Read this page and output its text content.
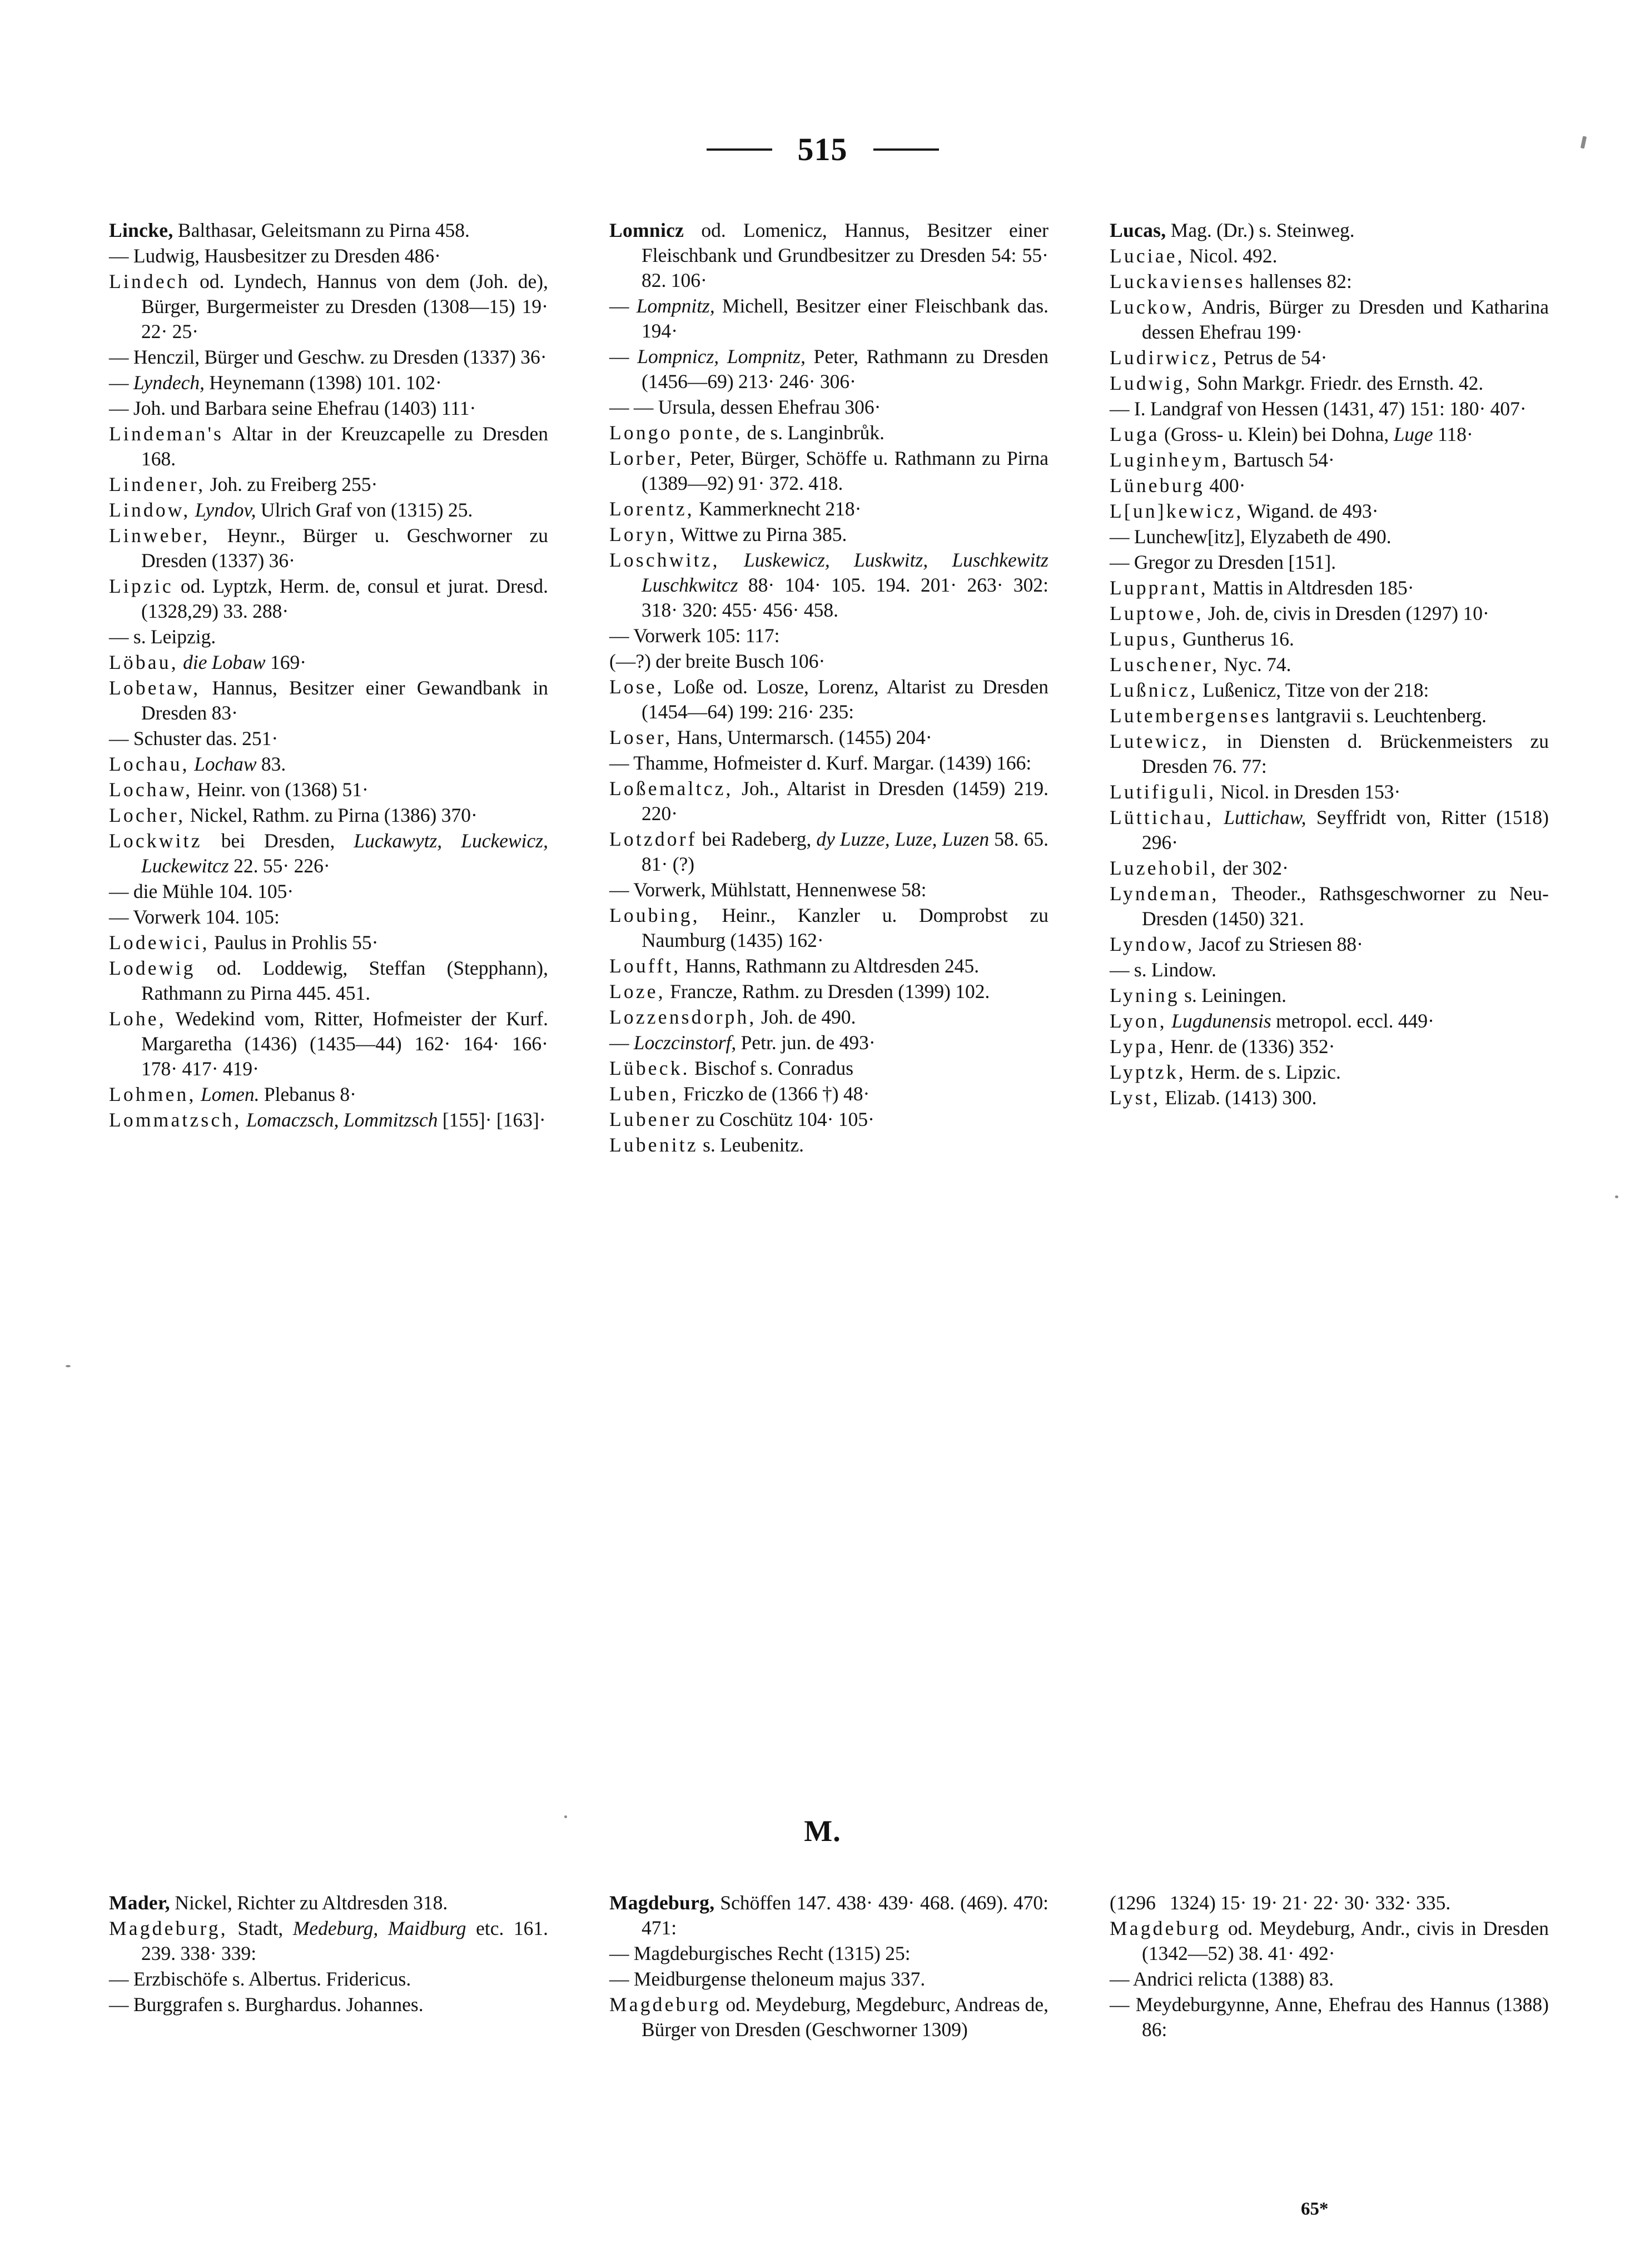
515

Lincke, Balthasar, Geleitsmann zu Pirna 458.

— Ludwig, Hausbesitzer zu Dresden 486·

Lindech od. Lyndech, Hannus von dem (Joh. de), Bürger, Burgermeister zu Dresden (1308—15) 19· 22· 25·

— Henczil, Bürger und Geschw. zu Dresden (1337) 36·

— Lyndech, Heynemann (1398) 101. 102·

— Joh. und Barbara seine Ehefrau (1403) 111·

Lindeman's Altar in der Kreuzcapelle zu Dresden 168.

Lindener, Joh. zu Freiberg 255·

Lindow, Lyndov, Ulrich Graf von (1315) 25.

Linweber, Heynr., Bürger u. Geschworner zu Dresden (1337) 36·

Lipzic od. Lyptzk, Herm. de, consul et jurat. Dresd. (1328,29) 33. 288·

— s. Leipzig.

Löbau, die Lobaw 169·

Lobetaw, Hannus, Besitzer einer Gewandbank in Dresden 83·

— Schuster das. 251·

Lochau, Lochaw 83.

Lochaw, Heinr. von (1368) 51·

Locher, Nickel, Rathm. zu Pirna (1386) 370·

Lockwitz bei Dresden, Luckawytz, Luckewicz, Luckewitcz 22. 55· 226·

— die Mühle 104. 105·

— Vorwerk 104. 105:

Lodewici, Paulus in Prohlis 55·

Lodewig od. Loddewig, Steffan (Stepphann), Rathmann zu Pirna 445. 451.

Lohe, Wedekind vom, Ritter, Hofmeister der Kurf. Margaretha (1436) (1435—44) 162· 164· 166· 178· 417· 419·

Lohmen, Lomen. Plebanus 8·

Lommatzsch, Lomaczsch, Lommitzsch [155]· [163]·

Lomnicz od. Lomenicz, Hannus, Besitzer einer Fleischbank und Grundbesitzer zu Dresden 54: 55· 82. 106·

— Lompnitz, Michell, Besitzer einer Fleischbank das. 194·

— Lompnicz, Lompnitz, Peter, Rathmann zu Dresden (1456—69) 213· 246· 306·

— — Ursula, dessen Ehefrau 306·

Longo ponte, de s. Langinbrůk.

Lorber, Peter, Bürger, Schöffe u. Rathmann zu Pirna (1389—92) 91· 372. 418.

Lorentz, Kammerknecht 218·

Loryn, Wittwe zu Pirna 385.

Loschwitz, Luskewicz, Luskwitz, Luschkewitz Luschkwitcz 88· 104· 105. 194. 201· 263· 302: 318· 320: 455· 456· 458.

— Vorwerk 105: 117:

(—?) der breite Busch 106·

Lose, Loße od. Losze, Lorenz, Altarist zu Dresden (1454—64) 199: 216· 235:

Loser, Hans, Untermarsch. (1455) 204·

— Thamme, Hofmeister d. Kurf. Margar. (1439) 166:

Loßemaltcz, Joh., Altarist in Dresden (1459) 219. 220·

Lotzdorf bei Radeberg, dy Luzze, Luze, Luzen 58. 65. 81· (?)

— Vorwerk, Mühlstatt, Hennenwese 58:

Loubing, Heinr., Kanzler u. Domprobst zu Naumburg (1435) 162·

Loufft, Hanns, Rathmann zu Altdresden 245.

Loze, Francze, Rathm. zu Dresden (1399) 102.

Lozzensdorph, Joh. de 490.

— Loczcinstorf, Petr. jun. de 493·

Lübeck. Bischof s. Conradus

Luben, Friczko de (1366 †) 48·

Lubener zu Coschütz 104· 105·

Lubenitz s. Leubenitz.

Lucas, Mag. (Dr.) s. Steinweg.

Luciae, Nicol. 492.

Luckavienses hallenses 82:

Luckow, Andris, Bürger zu Dresden und Katharina dessen Ehefrau 199·

Ludirwicz, Petrus de 54·

Ludwig, Sohn Markgr. Friedr. des Ernsth. 42.

— I. Landgraf von Hessen (1431, 47) 151: 180· 407·

Luga (Gross- u. Klein) bei Dohna, Luge 118·

Luginheym, Bartusch 54·

Lüneburg 400·

L[un]kewicz, Wigand. de 493·

— Lunchew[itz], Elyzabeth de 490.

— Gregor zu Dresden [151].

Lupprant, Mattis in Altdresden 185·

Luptowe, Joh. de, civis in Dresden (1297) 10·

Lupus, Guntherus 16.

Luschener, Nyc. 74.

Lußnicz, Lußenicz, Titze von der 218:

Lutembergenses lantgravii s. Leuchtenberg.

Lutewicz, in Diensten d. Brückenmeisters zu Dresden 76. 77:

Lutifiguli, Nicol. in Dresden 153·

Lüttichau, Luttichaw, Seyffridt von, Ritter (1518) 296·

Luzehobil, der 302·

Lyndeman, Theoder., Rathsgeschworner zu Neu-Dresden (1450) 321.

Lyndow, Jacof zu Striesen 88·

— s. Lindow.

Lyning s. Leiningen.

Lyon, Lugdunensis metropol. eccl. 449·

Lypa, Henr. de (1336) 352·

Lyptzk, Herm. de s. Lipzic.

Lyst, Elizab. (1413) 300.

M.

Mader, Nickel, Richter zu Altdresden 318.

Magdeburg, Stadt, Medeburg, Maidburg etc. 161. 239. 338· 339:

— Erzbischöfe s. Albertus. Fridericus.

— Burggrafen s. Burghardus. Johannes.

Magdeburg, Schöffen 147. 438· 439· 468. (469). 470: 471:

— Magdeburgisches Recht (1315) 25:

— Meidburgense theloneum majus 337.

Magdeburg od. Meydeburg, Megdeburc, Andreas de, Bürger von Dresden (Geschworner 1309)

(1296   1324) 15· 19· 21· 22· 30· 332· 335.

Magdeburg od. Meydeburg, Andr., civis in Dresden (1342—52) 38. 41· 492·

— Andrici relicta (1388) 83.

— Meydeburgynne, Anne, Ehefrau des Hannus (1388) 86:

65*
